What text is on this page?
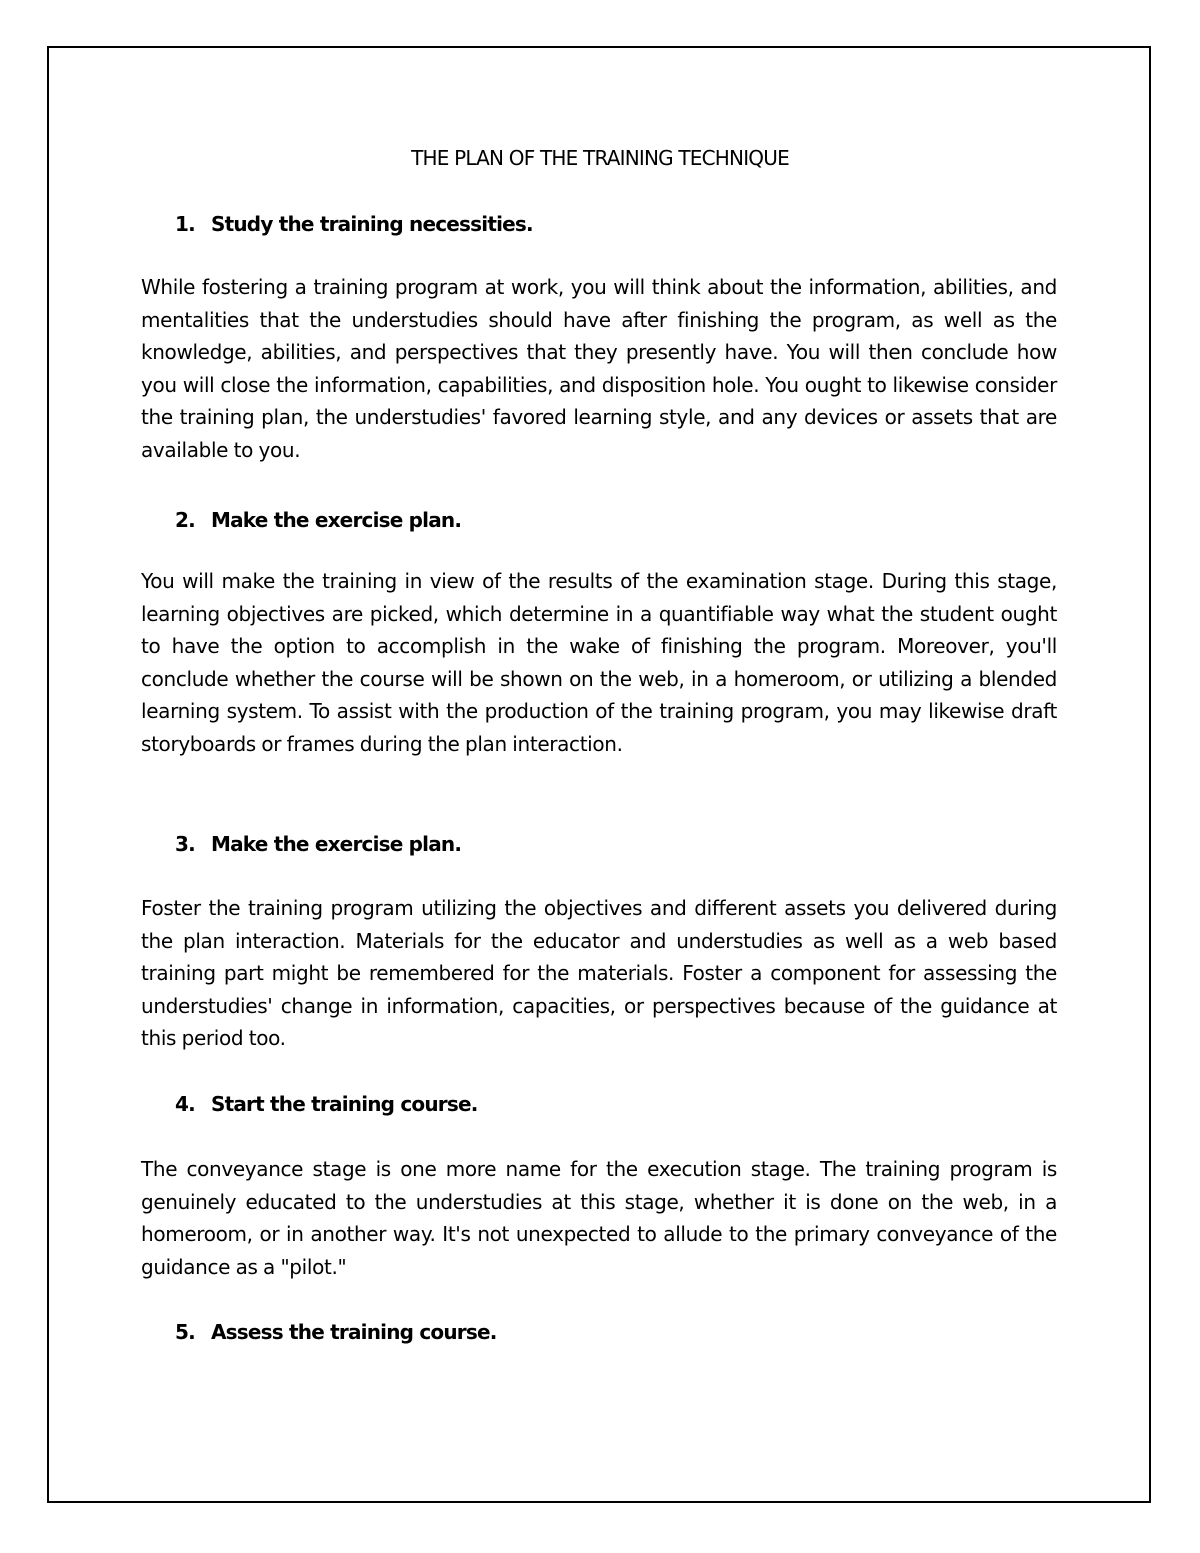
THE PLAN OF THE TRAINING TECHNIQUE
1. Study the training necessities.

While fostering a training program at work, you will think about the information, abilities, and mentalities that the understudies should have after finishing the program, as well as the knowledge, abilities, and perspectives that they presently have. You will then conclude how you will close the information, capabilities, and disposition hole. You ought to likewise consider the training plan, the understudies' favored learning style, and any devices or assets that are available to you.

2. Make the exercise plan.

You will make the training in view of the results of the examination stage. During this stage, learning objectives are picked, which determine in a quantifiable way what the student ought to have the option to accomplish in the wake of finishing the program. Moreover, you'll conclude whether the course will be shown on the web, in a homeroom, or utilizing a blended learning system. To assist with the production of the training program, you may likewise draft storyboards or frames during the plan interaction.

3. Make the exercise plan.

Foster the training program utilizing the objectives and different assets you delivered during the plan interaction. Materials for the educator and understudies as well as a web based training part might be remembered for the materials. Foster a component for assessing the understudies' change in information, capacities, or perspectives because of the guidance at this period too.

4. Start the training course.

The conveyance stage is one more name for the execution stage. The training program is genuinely educated to the understudies at this stage, whether it is done on the web, in a homeroom, or in another way. It's not unexpected to allude to the primary conveyance of the guidance as a "pilot."

5. Assess the training course.
